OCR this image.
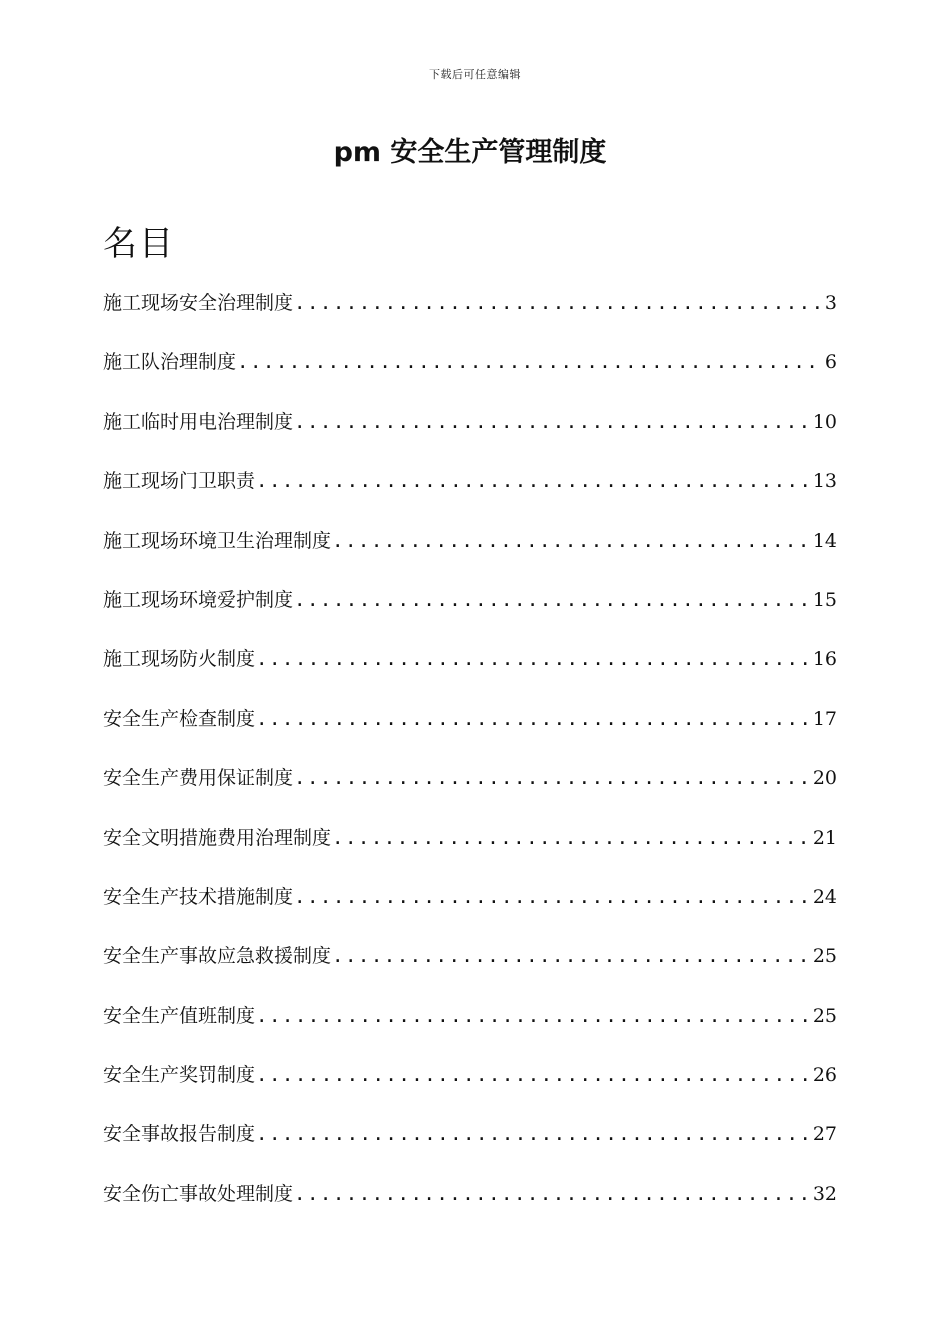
下载后可任意编辑
pm 安全生产管理制度
名目
施工现场安全治理制度 .....	3
施工队治理制度 .....	6
施工临时用电治理制度 .....	10
施工现场门卫职责 .....	13
施工现场环境卫生治理制度 .....	14
施工现场环境爱护制度 .....	15
施工现场防火制度 .....	16
安全生产检查制度 .....	17
安全生产费用保证制度 .....	20
安全文明措施费用治理制度 .....	21
安全生产技术措施制度 .....	24
安全生产事故应急救援制度 .....	25
安全生产值班制度 .....	25
安全生产奖罚制度 .....	26
安全事故报告制度 .....	27
安全伤亡事故处理制度 .....	32
